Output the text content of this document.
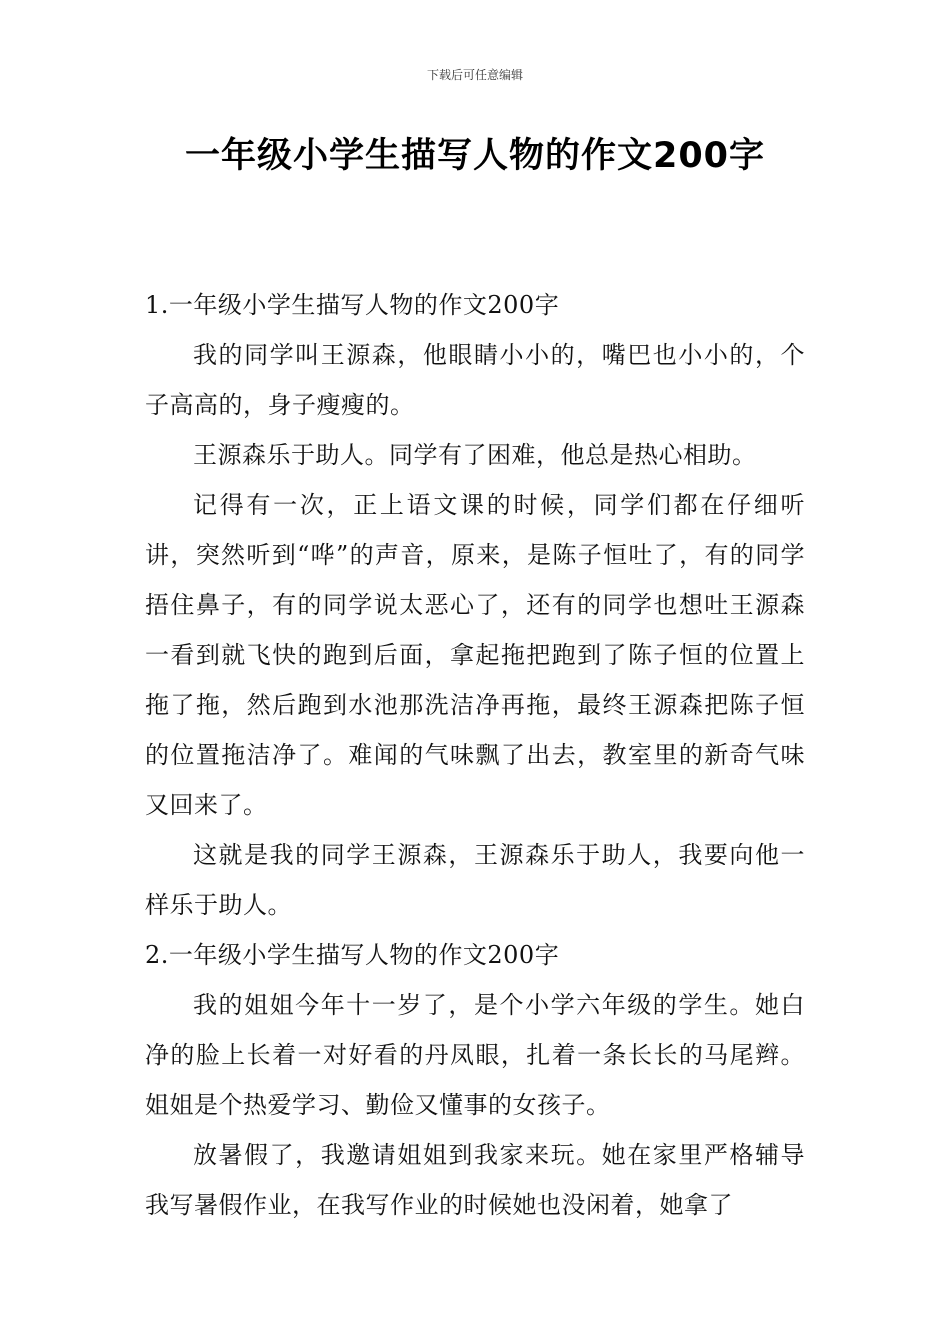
下载后可任意编辑
一年级小学生描写人物的作文200字

1.一年级小学生描写人物的作文200字

我的同学叫王源森，他眼睛小小的，嘴巴也小小的，个子高高的，身子瘦瘦的。

王源森乐于助人。同学有了困难，他总是热心相助。

记得有一次，正上语文课的时候，同学们都在仔细听讲，突然听到“哗”的声音，原来，是陈子恒吐了，有的同学捂住鼻子，有的同学说太恶心了，还有的同学也想吐王源森一看到就飞快的跑到后面，拿起拖把跑到了陈子恒的位置上拖了拖，然后跑到水池那洗洁净再拖，最终王源森把陈子恒的位置拖洁净了。难闻的气味飘了出去，教室里的新奇气味又回来了。

这就是我的同学王源森，王源森乐于助人，我要向他一样乐于助人。

2.一年级小学生描写人物的作文200字

我的姐姐今年十一岁了，是个小学六年级的学生。她白净的脸上长着一对好看的丹凤眼，扎着一条长长的马尾辫。姐姐是个热爱学习、勤俭又懂事的女孩子。

放暑假了，我邀请姐姐到我家来玩。她在家里严格辅导我写暑假作业，在我写作业的时候她也没闲着，她拿了
